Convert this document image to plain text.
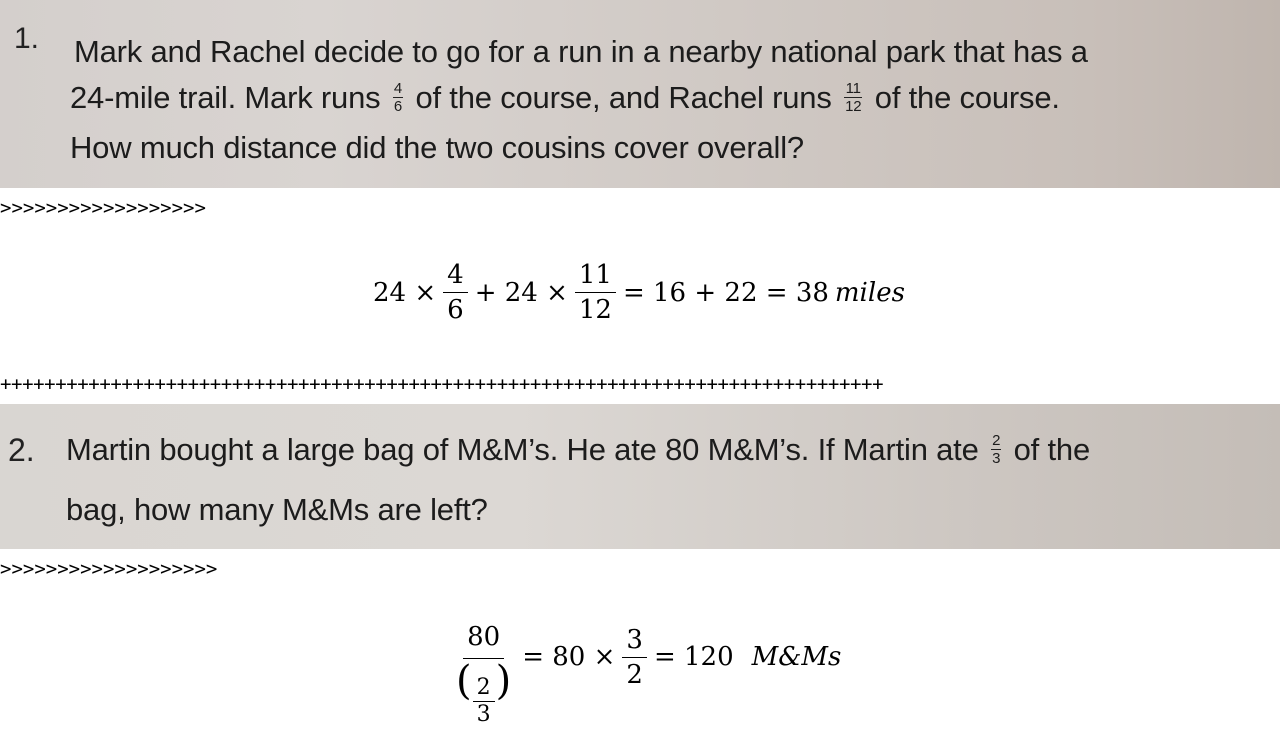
1. Mark and Rachel decide to go for a run in a nearby national park that has a
24-mile trail. Mark runs $\frac{4}{6}$ of the course, and Rachel runs $\frac{11}{12}$ of the course.
How much distance did the two cousins cover overall?
>>>>>>>>>>>>>>>>>>
$24 \times \frac{4}{6} + 24 \times \frac{11}{12} = 16 + 22 = 38$ miles
++++++++++++++++++++++++++++++++++++++++++++++++++++++++++++++++++++++++++++++++
2. Martin bought a large bag of M&M’s. He ate 80 M&M’s. If Martin ate $\frac{2}{3}$ of the
bag, how many M&Ms are left?
>>>>>>>>>>>>>>>>>>>
$\frac{80}{( \frac{2}{3} )} = 80 \times \frac{3}{2} = 120$ M&Ms
